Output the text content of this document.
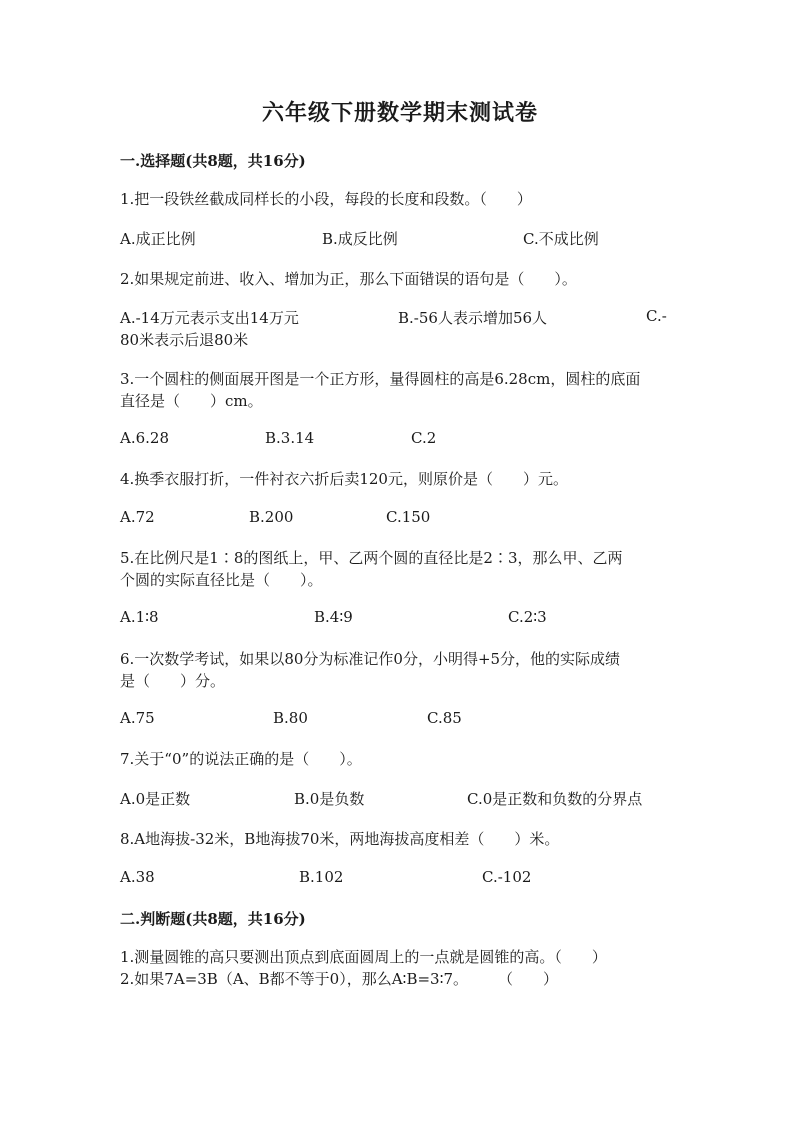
六年级下册数学期末测试卷
一.选择题(共8题，共16分)
1.把一段铁丝截成同样长的小段，每段的长度和段数。（　　）
A.成正比例	B.成反比例	C.不成比例
2.如果规定前进、收入、增加为正，那么下面错误的语句是（　　）。
A.-14万元表示支出14万元	B.-56人表示增加56人	C.-
80米表示后退80米
3.一个圆柱的侧面展开图是一个正方形，量得圆柱的高是6.28cm，圆柱的底面
直径是（　　）cm。
A.6.28	B.3.14	C.2
4.换季衣服打折，一件衬衣六折后卖120元，则原价是（　　）元。
A.72	B.200	C.150
5.在比例尺是1∶8的图纸上，甲、乙两个圆的直径比是2∶3，那么甲、乙两
个圆的实际直径比是（　　）。
A.1∶8	B.4∶9	C.2∶3
6.一次数学考试，如果以80分为标准记作0分，小明得+5分，他的实际成绩
是（　　）分。
A.75	B.80	C.85
7.关于“0”的说法正确的是（　　）。
A.0是正数	B.0是负数	C.0是正数和负数的分界点
8.A地海拔-32米，B地海拔70米，两地海拔高度相差（　　）米。
A.38	B.102	C.-102
二.判断题(共8题，共16分)
1.测量圆锥的高只要测出顶点到底面圆周上的一点就是圆锥的高。（　　）
2.如果7A=3B（A、B都不等于0），那么A∶B=3∶7。　　　（　　）
